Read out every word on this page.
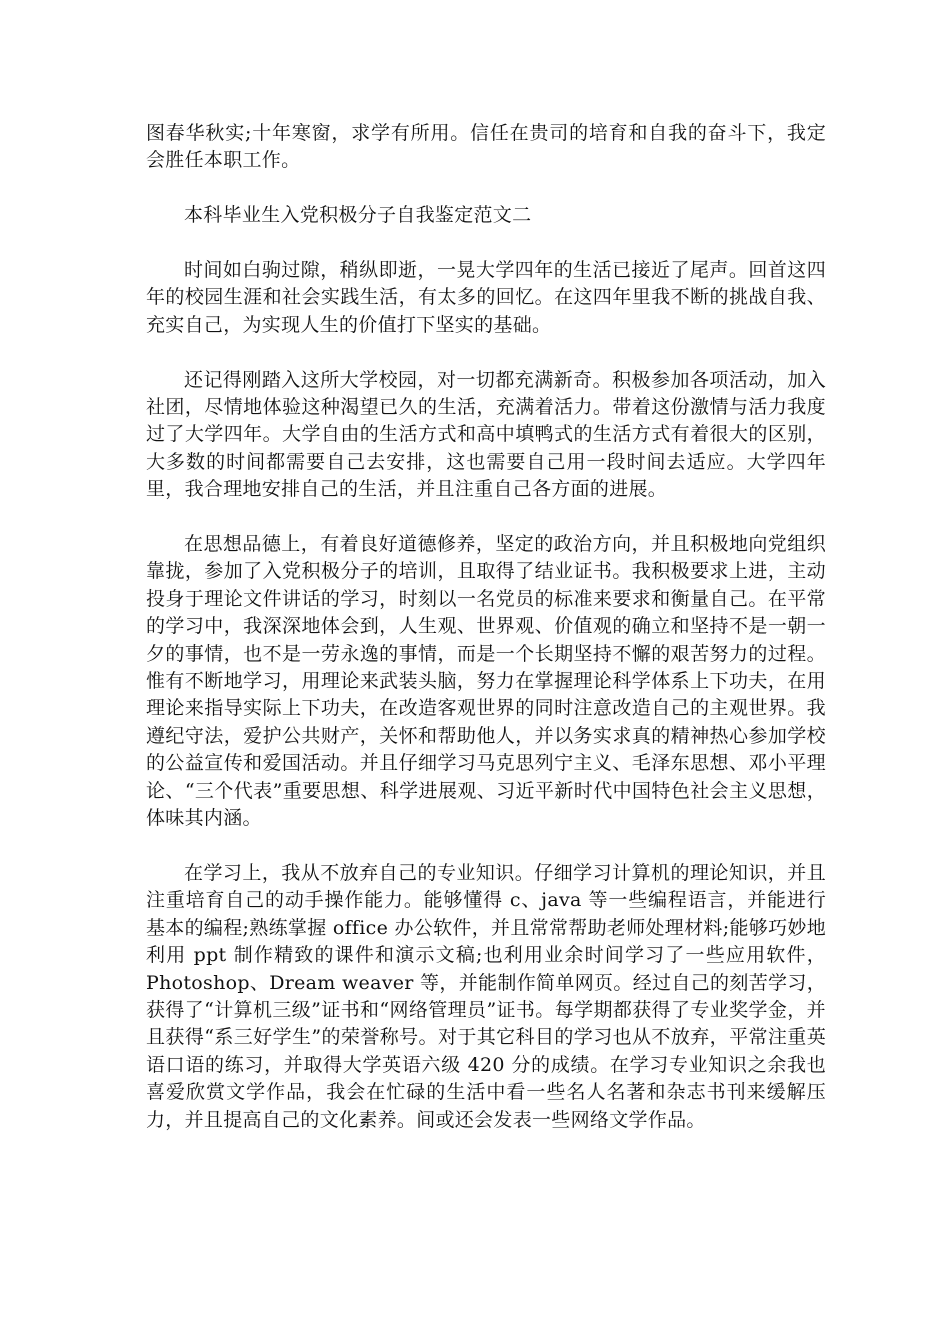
图春华秋实;十年寒窗，求学有所用。信任在贵司的培育和自我的奋斗下，我定会胜任本职工作。

本科毕业生入党积极分子自我鉴定范文二

时间如白驹过隙，稍纵即逝，一晃大学四年的生活已接近了尾声。回首这四年的校园生涯和社会实践生活，有太多的回忆。在这四年里我不断的挑战自我、充实自己，为实现人生的价值打下坚实的基础。

还记得刚踏入这所大学校园，对一切都充满新奇。积极参加各项活动，加入社团，尽情地体验这种渴望已久的生活，充满着活力。带着这份激情与活力我度过了大学四年。大学自由的生活方式和高中填鸭式的生活方式有着很大的区别，大多数的时间都需要自己去安排，这也需要自己用一段时间去适应。大学四年里，我合理地安排自己的生活，并且注重自己各方面的进展。

在思想品德上，有着良好道德修养，坚定的政治方向，并且积极地向党组织靠拢，参加了入党积极分子的培训，且取得了结业证书。我积极要求上进，主动投身于理论文件讲话的学习，时刻以一名党员的标准来要求和衡量自己。在平常的学习中，我深深地体会到，人生观、世界观、价值观的确立和坚持不是一朝一夕的事情，也不是一劳永逸的事情，而是一个长期坚持不懈的艰苦努力的过程。惟有不断地学习，用理论来武装头脑，努力在掌握理论科学体系上下功夫，在用理论来指导实际上下功夫，在改造客观世界的同时注意改造自己的主观世界。我遵纪守法，爱护公共财产，关怀和帮助他人，并以务实求真的精神热心参加学校的公益宣传和爱国活动。并且仔细学习马克思列宁主义、毛泽东思想、邓小平理论、“三个代表”重要思想、科学进展观、习近平新时代中国特色社会主义思想，体味其内涵。

在学习上，我从不放弃自己的专业知识。仔细学习计算机的理论知识，并且注重培育自己的动手操作能力。能够懂得 c、java 等一些编程语言，并能进行基本的编程;熟练掌握 office 办公软件，并且常常帮助老师处理材料;能够巧妙地利用 ppt 制作精致的课件和演示文稿;也利用业余时间学习了一些应用软件，Photoshop、Dream weaver 等，并能制作简单网页。经过自己的刻苦学习，获得了“计算机三级”证书和“网络管理员”证书。每学期都获得了专业奖学金，并且获得“系三好学生”的荣誉称号。对于其它科目的学习也从不放弃，平常注重英语口语的练习，并取得大学英语六级 420 分的成绩。在学习专业知识之余我也喜爱欣赏文学作品，我会在忙碌的生活中看一些名人名著和杂志书刊来缓解压力，并且提高自己的文化素养。间或还会发表一些网络文学作品。
